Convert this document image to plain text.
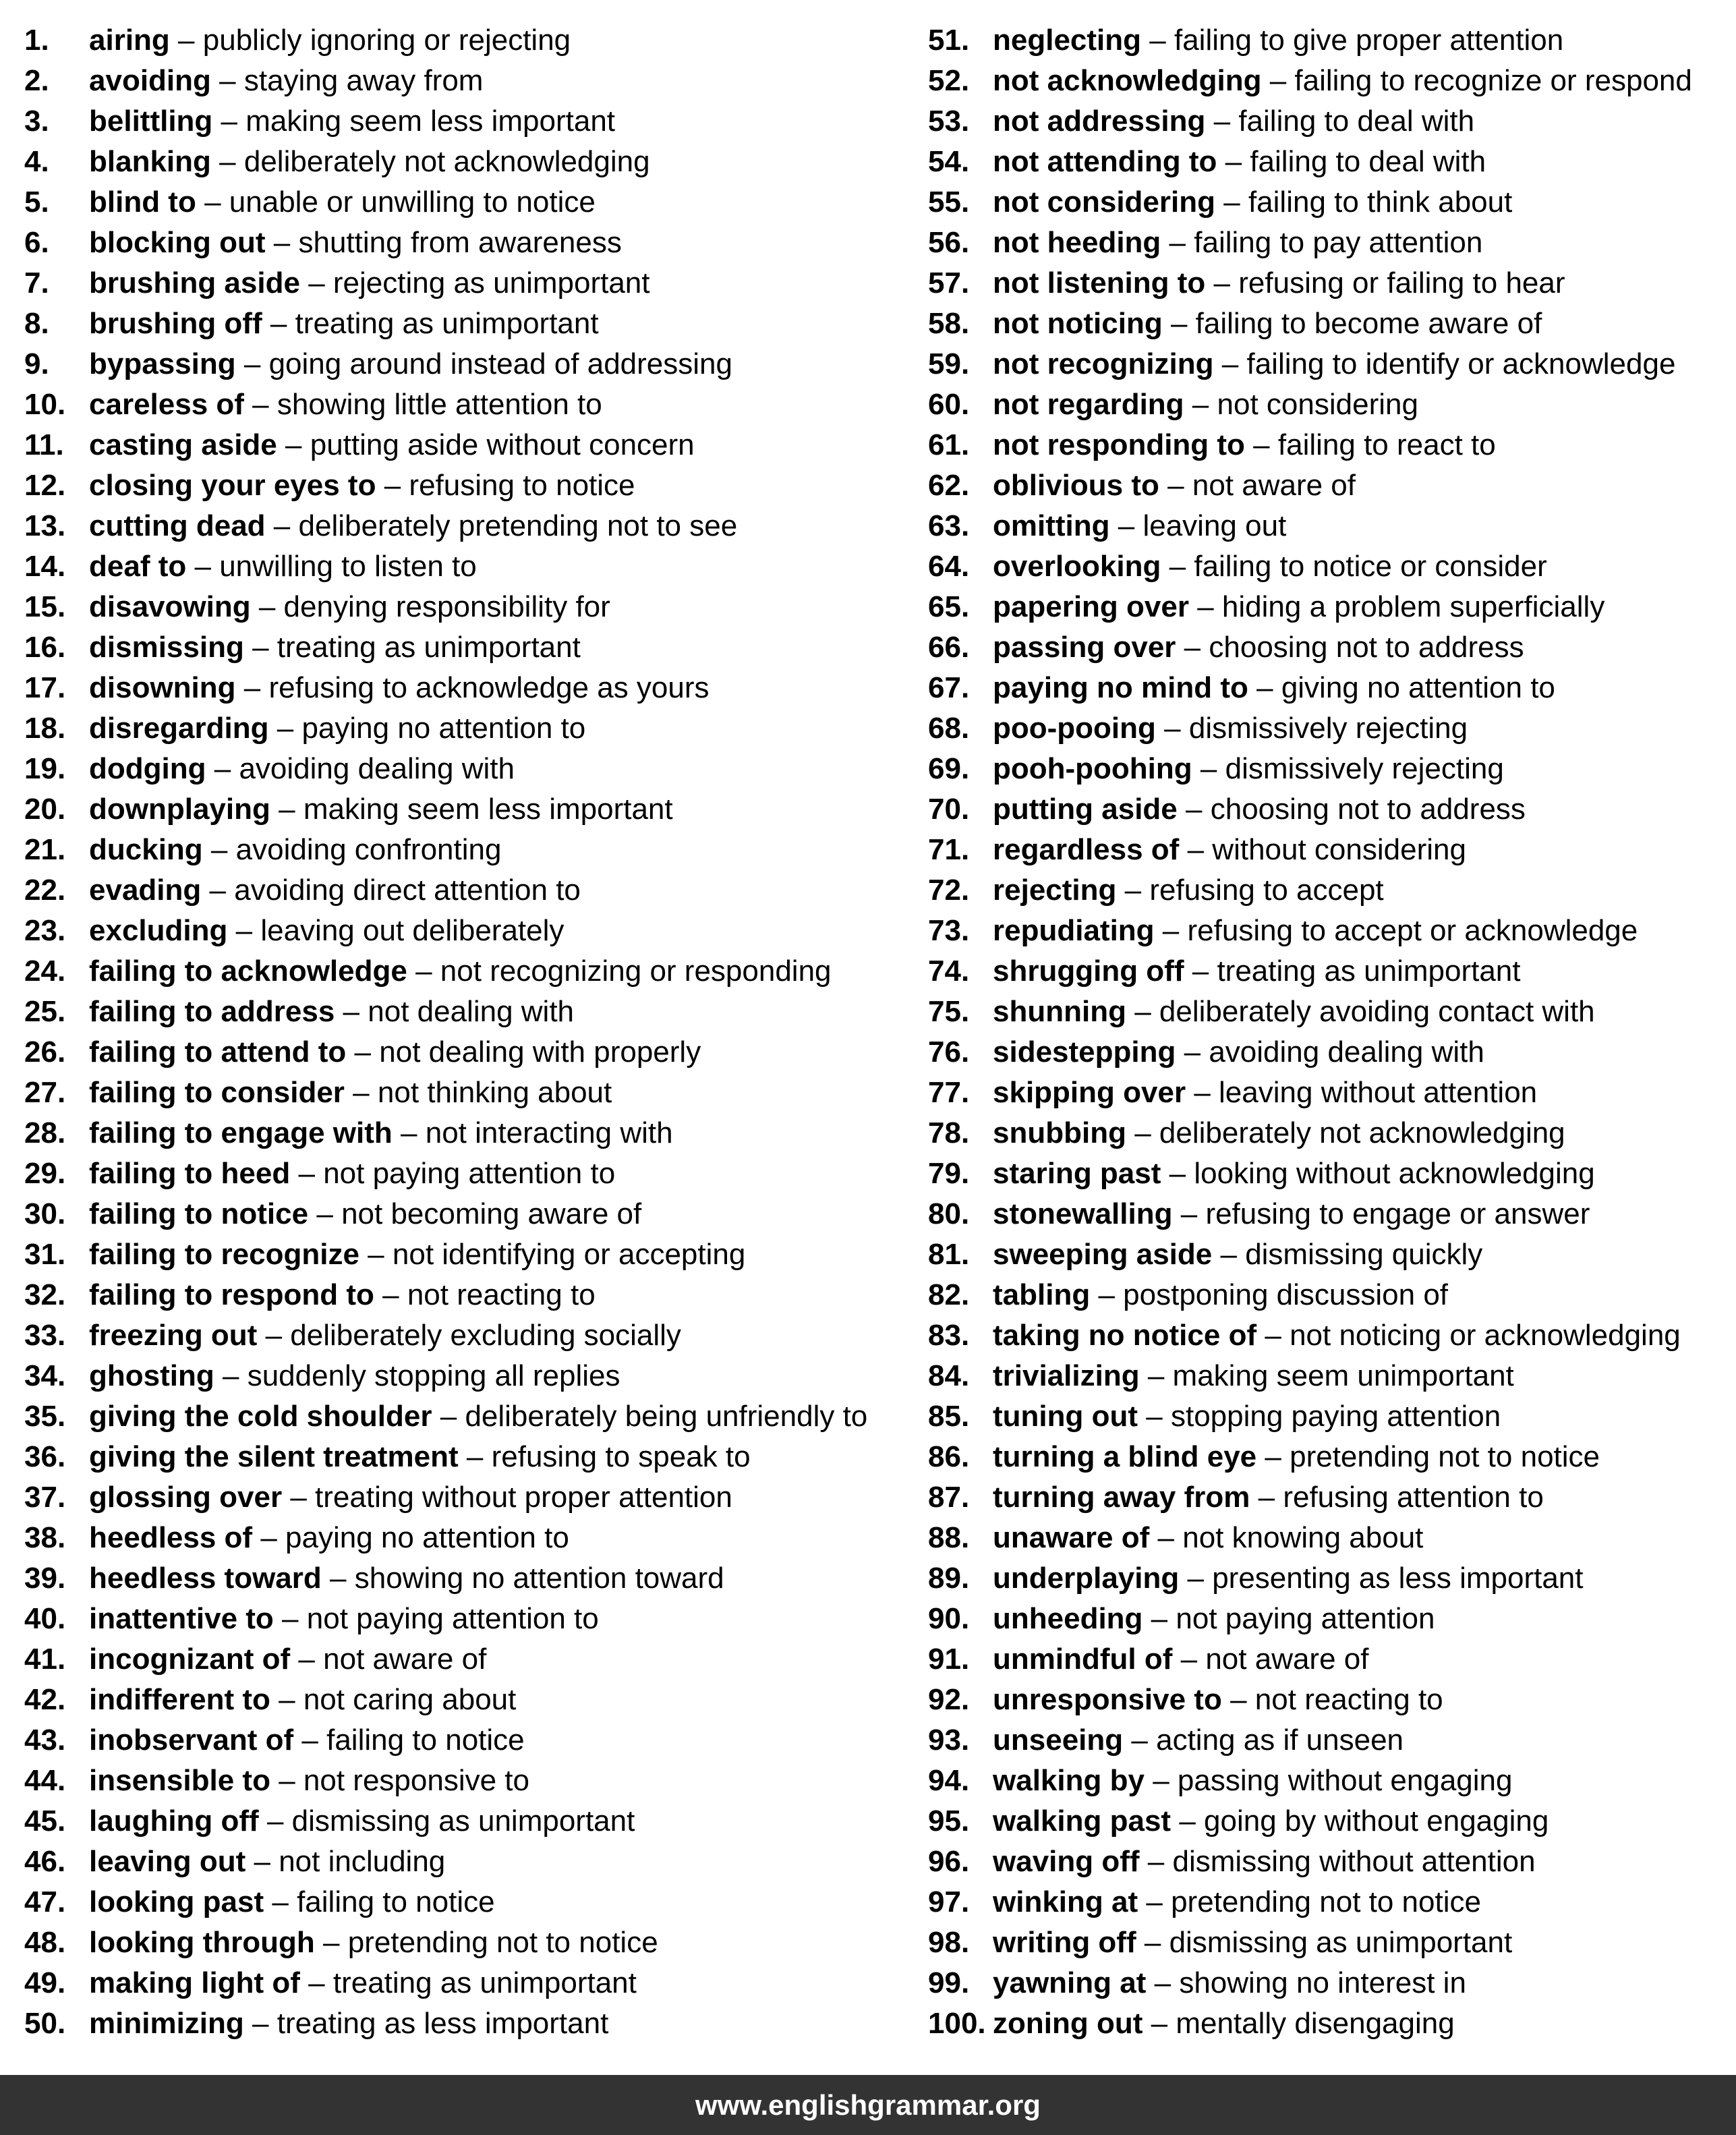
1. airing – publicly ignoring or rejecting
2. avoiding – staying away from
3. belittling – making seem less important
4. blanking – deliberately not acknowledging
5. blind to – unable or unwilling to notice
6. blocking out – shutting from awareness
7. brushing aside – rejecting as unimportant
8. brushing off – treating as unimportant
9. bypassing – going around instead of addressing
10. careless of – showing little attention to
11. casting aside – putting aside without concern
12. closing your eyes to – refusing to notice
13. cutting dead – deliberately pretending not to see
14. deaf to – unwilling to listen to
15. disavowing – denying responsibility for
16. dismissing – treating as unimportant
17. disowning – refusing to acknowledge as yours
18. disregarding – paying no attention to
19. dodging – avoiding dealing with
20. downplaying – making seem less important
21. ducking – avoiding confronting
22. evading – avoiding direct attention to
23. excluding – leaving out deliberately
24. failing to acknowledge – not recognizing or responding
25. failing to address – not dealing with
26. failing to attend to – not dealing with properly
27. failing to consider – not thinking about
28. failing to engage with – not interacting with
29. failing to heed – not paying attention to
30. failing to notice – not becoming aware of
31. failing to recognize – not identifying or accepting
32. failing to respond to – not reacting to
33. freezing out – deliberately excluding socially
34. ghosting – suddenly stopping all replies
35. giving the cold shoulder – deliberately being unfriendly to
36. giving the silent treatment – refusing to speak to
37. glossing over – treating without proper attention
38. heedless of – paying no attention to
39. heedless toward – showing no attention toward
40. inattentive to – not paying attention to
41. incognizant of – not aware of
42. indifferent to – not caring about
43. inobservant of – failing to notice
44. insensible to – not responsive to
45. laughing off – dismissing as unimportant
46. leaving out – not including
47. looking past – failing to notice
48. looking through – pretending not to notice
49. making light of – treating as unimportant
50. minimizing – treating as less important
51. neglecting – failing to give proper attention
52. not acknowledging – failing to recognize or respond
53. not addressing – failing to deal with
54. not attending to – failing to deal with
55. not considering – failing to think about
56. not heeding – failing to pay attention
57. not listening to – refusing or failing to hear
58. not noticing – failing to become aware of
59. not recognizing – failing to identify or acknowledge
60. not regarding – not considering
61. not responding to – failing to react to
62. oblivious to – not aware of
63. omitting – leaving out
64. overlooking – failing to notice or consider
65. papering over – hiding a problem superficially
66. passing over – choosing not to address
67. paying no mind to – giving no attention to
68. poo-pooing – dismissively rejecting
69. pooh-poohing – dismissively rejecting
70. putting aside – choosing not to address
71. regardless of – without considering
72. rejecting – refusing to accept
73. repudiating – refusing to accept or acknowledge
74. shrugging off – treating as unimportant
75. shunning – deliberately avoiding contact with
76. sidestepping – avoiding dealing with
77. skipping over – leaving without attention
78. snubbing – deliberately not acknowledging
79. staring past – looking without acknowledging
80. stonewalling – refusing to engage or answer
81. sweeping aside – dismissing quickly
82. tabling – postponing discussion of
83. taking no notice of – not noticing or acknowledging
84. trivializing – making seem unimportant
85. tuning out – stopping paying attention
86. turning a blind eye – pretending not to notice
87. turning away from – refusing attention to
88. unaware of – not knowing about
89. underplaying – presenting as less important
90. unheeding – not paying attention
91. unmindful of – not aware of
92. unresponsive to – not reacting to
93. unseeing – acting as if unseen
94. walking by – passing without engaging
95. walking past – going by without engaging
96. waving off – dismissing without attention
97. winking at – pretending not to notice
98. writing off – dismissing as unimportant
99. yawning at – showing no interest in
100. zoning out – mentally disengaging
www.englishgrammar.org
